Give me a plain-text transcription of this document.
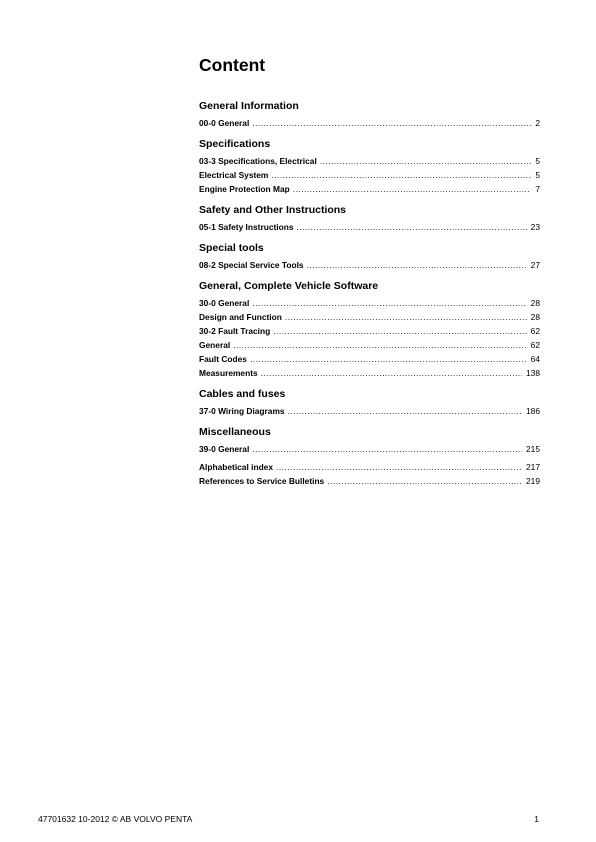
Content
General Information
00-0 General .....	2
Specifications
03-3 Specifications, Electrical .....	5
Electrical System .....	5
Engine Protection Map .....	7
Safety and Other Instructions
05-1 Safety Instructions .....	23
Special tools
08-2 Special Service Tools .....	27
General, Complete Vehicle Software
30-0 General .....	28
Design and Function .....	28
30-2 Fault Tracing .....	62
General .....	62
Fault Codes .....	64
Measurements .....	138
Cables and fuses
37-0 Wiring Diagrams .....	186
Miscellaneous
39-0 General .....	215
Alphabetical index .....	217
References to Service Bulletins .....	219
47701632 10-2012 © AB VOLVO PENTA	1
